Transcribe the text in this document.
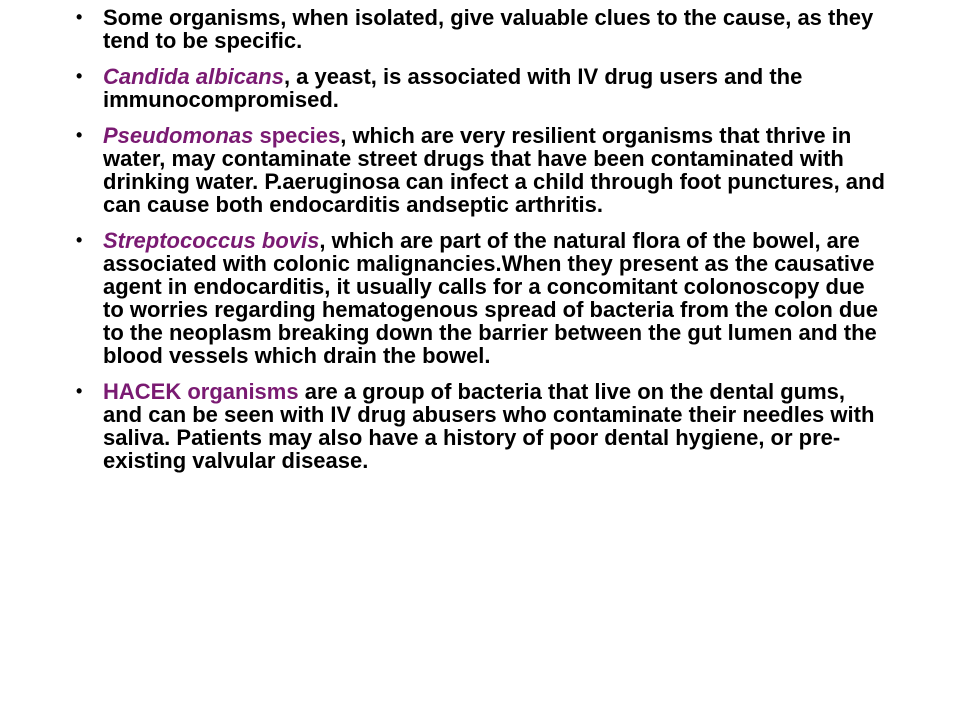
• Some organisms, when isolated, give valuable clues to the cause, as they tend to be specific.
• Candida albicans, a yeast, is associated with IV drug users and the immunocompromised.
• Pseudomonas species, which are very resilient organisms that thrive in water, may contaminate street drugs that have been contaminated with drinking water. P.aeruginosa can infect a child through foot punctures, and can cause both endocarditis andseptic arthritis.
• Streptococcus bovis, which are part of the natural flora of the bowel, are associated with colonic malignancies.When they present as the causative agent in endocarditis, it usually calls for a concomitant colonoscopy due to worries regarding hematogenous spread of bacteria from the colon due to the neoplasm breaking down the barrier between the gut lumen and the blood vessels which drain the bowel.
• HACEK organisms are a group of bacteria that live on the dental gums, and can be seen with IV drug abusers who contaminate their needles with saliva. Patients may also have a history of poor dental hygiene, or pre-existing valvular disease.
